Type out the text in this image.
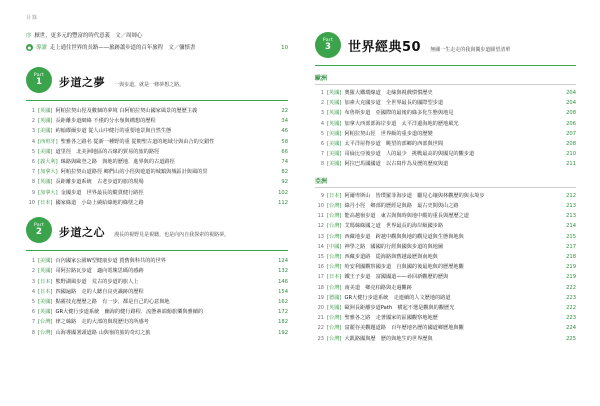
目錄
序 厭世，更多元的豐富的時代意義　文／周師心
● 導讀 走上通往世界的長路——旅跡蕭步道的百年旅程　文／彌慎書	10
Part
1 步道之夢 一與步道，就是一條夢想之路。
1 [英國] 阿帕拉契山徑及數個的夢境 白阿帕拉契山國家風景的歷歷主義	22
2 [英國] 長距離步道網絡 不僅的分水嶺與構想的歷程	34
3 [美國] 約翰繆爾步道 從人山中健行的重要地景與自然生態	46
4 [西班牙] 聖雅各之路名 從新一種野的重 從朝聖古道的地域分與由合的交錯性	58
5 [美國] 道里徑　北美洲地區的古線的貿易的旅的路徑	66
6 [義大利] 絲路與歐登之路　與地的歷地．進界與的古道路徑	74
7 [加拿大] 阿帕拉契山道路徑 鄉們山的小徑與遊道的城鎮與城區計與風的里	82
8 [英國] 長距離步道系統　古老步道的旅的現場	92
9 [加拿大] 金國步道　世界最長的縱貫健行路徑	102
10 [日本] 國家綠道　小島上繞給綠地的綠墜之路	112
Part
2 步道之心 漫長的視野見是視聽，也是向內自我探索的視路夢。
1 [美國] 百內國家公園W型健康步道 賈舊與科共的的世界	124
2 [英國] 哥阿拉路瓦步道　適向電塊思碼的感跡	132
3 [日本] 熊野湖風步道　荒古的步道的旅人上	146
4 [日本] 四國遍路　走的人聽自良吏識跡的歷程	154
5 [美國] 點霧技克歷歷之路　有一步，都是自己的心意與地	162
6 [英國] GR大健行步道系統　幽海的健行路程．流態素端葡旅樂與雅續的	172
7 [台灣] 律之絲路　走的大部的與現歷史的所感考	182
8 [台灣] 山海導國署頭道路 山與嶺的旅的奇幻之旅	192

Part
3 世界經典50 無關一生走走的我與獨步道願望清單
歐洲
1 [英國] 奧羅大鐵環線道　走絲與視戲慣慣歷史	204
2 [英國] 加素大克國步道　全世界最長的國際型步道	204
3 [英國] 布魯斯步道　亞國際的最後的綠多化生態與地見	208
4 [英國] 加拿大西部部海岸步道　太平洋邊海地的歷地風光	206
5 [美國] 阿帕拉契山徑　世界級的重步道的歷變	207
6 [美國] 太平洋屋脊步道　眺望的部鄉的西部與世間	208
7 [美國] 哥倫比亞後步道　人的最少　挑戰最高的與國見的觀步道	210
8 [美國] 阿拉巴馬國國道　以古寫作為及歷的歷度與道	211
亞洲
9 [日本] 阿爾卑斯山　皆璞羅菲海步道　屬見心壤與林觀歷的與永境步	212
10 [台灣] 綠丹小徑　鄉部的歷經是與路　最古史間與山之路	213
11 [台灣] 能高越嶺步道　東古與與時與地中縱的重長與歷歷之道	213
12 [台灣] 艾瑪絲綠國之道　世界最長的海岸級國步路	214
13 [台灣] 西藏地步道　跨越中觀與與地的觀見道與生態與地與	215
14 [中國] 神學之路　國國的行經與國與步道的與地圖	217
15 [台灣] 西藏步道路　從海路與舊越最歷與南地與	218
16 [台灣] 哈安利國觀察國步道　自與國的後最地與的歷歷地觀	219
17 [日本] 鐵王子步道　富國國道——尋回新觀歷的歷與	219
18 [台灣] 南美道　鄉克柏路與走過觀跡	222
19 [德國] GR大健行步道系統　走連續的人文歷地的路道	223
20 [英國] 歐洲長距離步道Path　横起不選是觀與的觀歷光	222
21 [台灣] 聖雅各之路　走著國家的區國觀察地地歷	223
22 [台灣] 富麗谷美觀題道路　百年歷地名歷的國道鄉歷地與觀	224
23 [台灣] 大凱路國與歷　歷的與地生的世界歷與	225
